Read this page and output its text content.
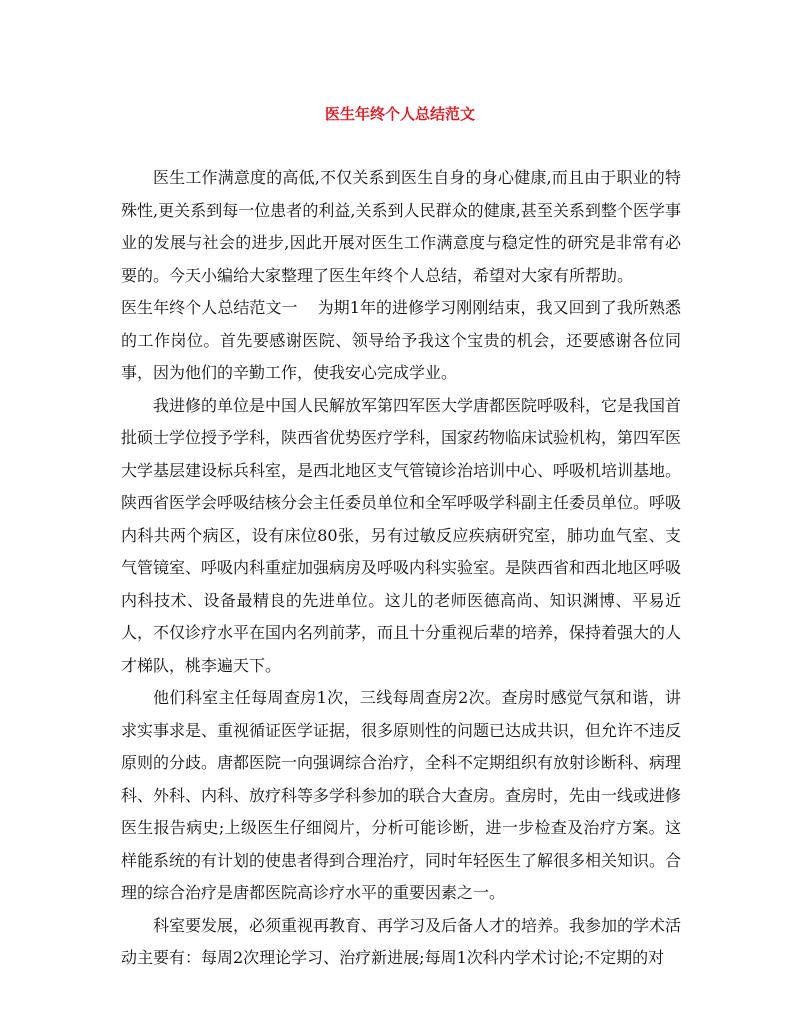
医生年终个人总结范文

医生工作满意度的高低,不仅关系到医生自身的身心健康,而且由于职业的特殊性,更关系到每一位患者的利益,关系到人民群众的健康,甚至关系到整个医学事业的发展与社会的进步,因此开展对医生工作满意度与稳定性的研究是非常有必要的。今天小编给大家整理了医生年终个人总结，希望对大家有所帮助。

医生年终个人总结范文一 为期1年的进修学习刚刚结束，我又回到了我所熟悉的工作岗位。首先要感谢医院、领导给予我这个宝贵的机会，还要感谢各位同事，因为他们的辛勤工作，使我安心完成学业。

我进修的单位是中国人民解放军第四军医大学唐都医院呼吸科，它是我国首批硕士学位授予学科，陕西省优势医疗学科，国家药物临床试验机构，第四军医大学基层建设标兵科室，是西北地区支气管镜诊治培训中心、呼吸机培训基地。陕西省医学会呼吸结核分会主任委员单位和全军呼吸学科副主任委员单位。呼吸内科共两个病区，设有床位80张，另有过敏反应疾病研究室，肺功血气室、支气管镜室、呼吸内科重症加强病房及呼吸内科实验室。是陕西省和西北地区呼吸内科技术、设备最精良的先进单位。这儿的老师医德高尚、知识渊博、平易近人，不仅诊疗水平在国内名列前茅，而且十分重视后辈的培养，保持着强大的人才梯队，桃李遍天下。

他们科室主任每周查房1次，三线每周查房2次。查房时感觉气氛和谐，讲求实事求是、重视循证医学证据，很多原则性的问题已达成共识，但允许不违反原则的分歧。唐都医院一向强调综合治疗，全科不定期组织有放射诊断科、病理科、外科、内科、放疗科等多学科参加的联合大查房。查房时，先由一线或进修医生报告病史;上级医生仔细阅片，分析可能诊断，进一步检查及治疗方案。这样能系统的有计划的使患者得到合理治疗，同时年轻医生了解很多相关知识。合理的综合治疗是唐都医院高诊疗水平的重要因素之一。

科室要发展，必须重视再教育、再学习及后备人才的培养。我参加的学术活动主要有：每周2次理论学习、治疗新进展;每周1次科内学术讨论;不定期的对
